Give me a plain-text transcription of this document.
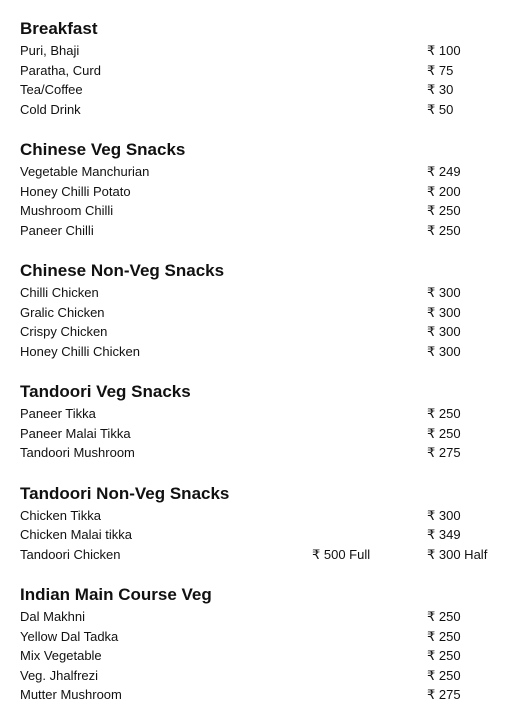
Breakfast
Puri, Bhaji	₹ 100
Paratha, Curd	₹ 75
Tea/Coffee	₹ 30
Cold Drink	₹ 50
Chinese Veg Snacks
Vegetable Manchurian	₹ 249
Honey Chilli Potato	₹ 200
Mushroom Chilli	₹ 250
Paneer Chilli	₹ 250
Chinese Non-Veg Snacks
Chilli Chicken	₹ 300
Gralic Chicken	₹ 300
Crispy Chicken	₹ 300
Honey Chilli Chicken	₹ 300
Tandoori Veg Snacks
Paneer Tikka	₹ 250
Paneer Malai Tikka	₹ 250
Tandoori Mushroom	₹ 275
Tandoori Non-Veg Snacks
Chicken Tikka	₹ 300
Chicken Malai tikka	₹ 349
Tandoori Chicken	₹ 500 Full	₹ 300 Half
Indian Main Course Veg
Dal Makhni	₹ 250
Yellow Dal Tadka	₹ 250
Mix Vegetable	₹ 250
Veg. Jhalfrezi	₹ 250
Mutter Mushroom	₹ 275
